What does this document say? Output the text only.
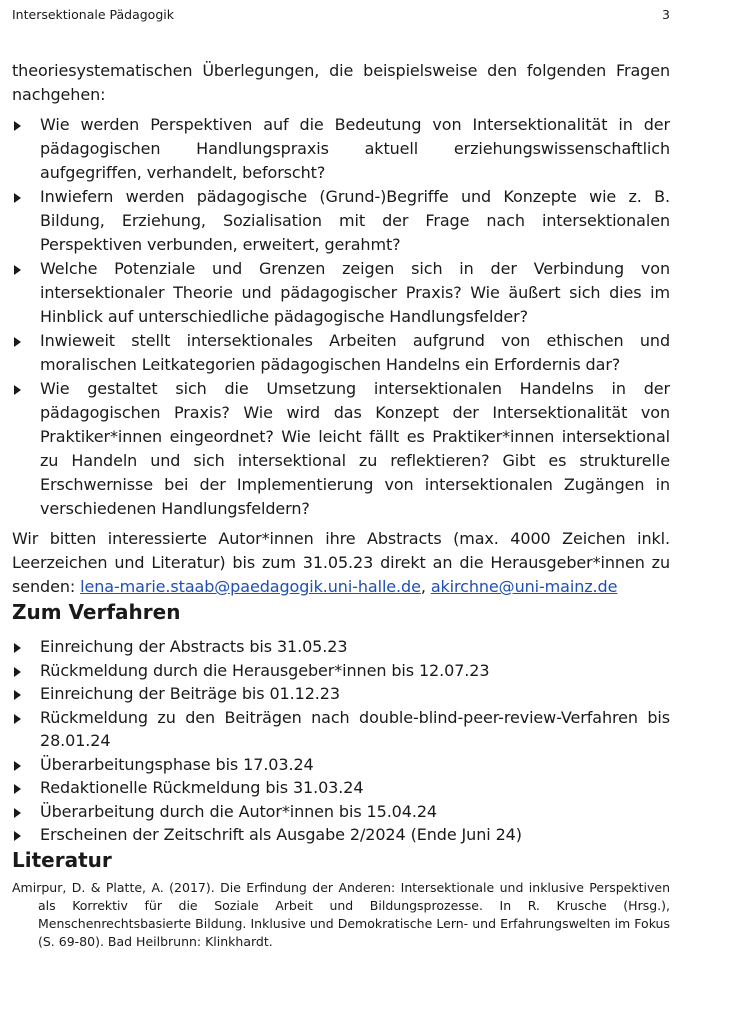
Intersektionale Pädagogik	3

theoriesystematischen Überlegungen, die beispielsweise den folgenden Fragen nachgehen:

Wie werden Perspektiven auf die Bedeutung von Intersektionalität in der pädagogischen Handlungspraxis aktuell erziehungswissenschaftlich aufgegriffen, verhandelt, beforscht?
Inwiefern werden pädagogische (Grund-)Begriffe und Konzepte wie z. B. Bildung, Erziehung, Sozialisation mit der Frage nach intersektionalen Perspektiven verbunden, erweitert, gerahmt?
Welche Potenziale und Grenzen zeigen sich in der Verbindung von intersektionaler Theorie und pädagogischer Praxis? Wie äußert sich dies im Hinblick auf unterschiedliche pädagogische Handlungsfelder?
Inwieweit stellt intersektionales Arbeiten aufgrund von ethischen und moralischen Leitkategorien pädagogischen Handelns ein Erfordernis dar?
Wie gestaltet sich die Umsetzung intersektionalen Handelns in der pädagogischen Praxis? Wie wird das Konzept der Intersektionalität von Praktiker*innen eingeordnet? Wie leicht fällt es Praktiker*innen intersektional zu Handeln und sich intersektional zu reflektieren? Gibt es strukturelle Erschwernisse bei der Implementierung von intersektionalen Zugängen in verschiedenen Handlungsfeldern?

Wir bitten interessierte Autor*innen ihre Abstracts (max. 4000 Zeichen inkl. Leerzeichen und Literatur) bis zum 31.05.23 direkt an die Herausgeber*innen zu senden: lena-marie.staab@paedagogik.uni-halle.de, akirchne@uni-mainz.de

Zum Verfahren
Einreichung der Abstracts bis 31.05.23
Rückmeldung durch die Herausgeber*innen bis 12.07.23
Einreichung der Beiträge bis 01.12.23
Rückmeldung zu den Beiträgen nach double-blind-peer-review-Verfahren bis 28.01.24
Überarbeitungsphase bis 17.03.24
Redaktionelle Rückmeldung bis 31.03.24
Überarbeitung durch die Autor*innen bis 15.04.24
Erscheinen der Zeitschrift als Ausgabe 2/2024 (Ende Juni 24)
Literatur
Amirpur, D. & Platte, A. (2017). Die Erfindung der Anderen: Intersektionale und inklusive Perspektiven als Korrektiv für die Soziale Arbeit und Bildungsprozesse. In R. Krusche (Hrsg.), Menschenrechtsbasierte Bildung. Inklusive und Demokratische Lern- und Erfahrungswelten im Fokus (S. 69-80). Bad Heilbrunn: Klinkhardt.
